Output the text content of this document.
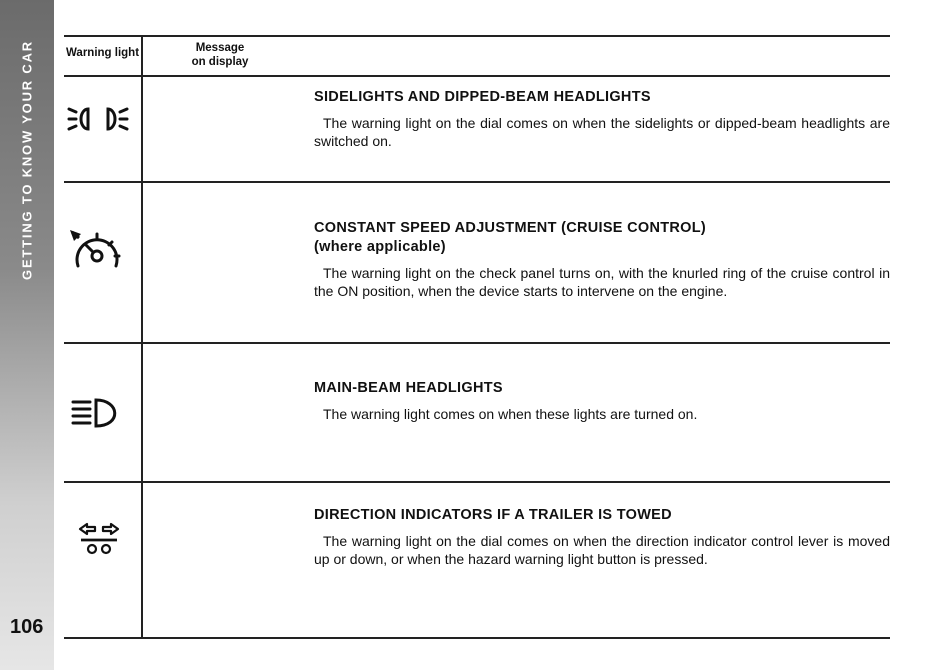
GETTING TO KNOW YOUR CAR
106
Warning light	Message
on display
SIDELIGHTS AND DIPPED-BEAM HEADLIGHTS
The warning light on the dial comes on when the sidelights or dipped-beam headlights are switched on.
CONSTANT SPEED ADJUSTMENT (CRUISE CONTROL)
(where applicable)
The warning light on the check panel turns on, with the knurled ring of the cruise control in the ON position, when the device starts to intervene on the engine.
MAIN-BEAM HEADLIGHTS
The warning light comes on when these lights are turned on.
DIRECTION INDICATORS IF A TRAILER IS TOWED
The warning light on the dial comes on when the direction indicator control lever is moved up or down, or when the hazard warning light button is pressed.
